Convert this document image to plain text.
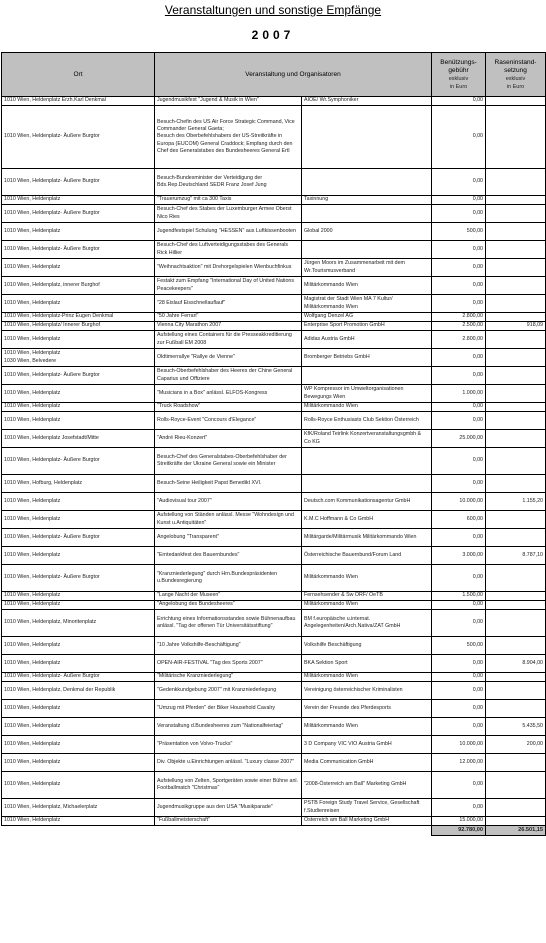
Veranstaltungen und sonstige Empfänge
2007
Ort	Veranstaltung und Organisatoren		Benützungs-gebühr
exklusiv
in Euro	Raseninstand-setzung
exklusiv
in Euro
1010 Wien, Heldenplatz Erzh.Karl Denkmal	Jugendmusikfest "Jugend & Musik in Wien"	AIOE/ Wr.Symphoniker	0,00	
1010 Wien, Heldenplatz- Äußere Burgtor	Besuch-Chefin des US Air Force Strategic Command, Vice Commander General Gaeta;
Besuch des Oberbefehlshabers der US-Streitkräfte in Europa (EUCOM) General Craddock; Empfang durch den Chef des Generalstabes des Bundesheeres General Ertl		0,00	
1010 Wien, Heldenplatz- Äußere Burgtor	Besuch-Bundesminister der Verteidigung der Bds.Rep.Deutschland SEDR Franz Josef Jung		0,00	
1010 Wien, Heldenplatz	"Trauerumzug" mit ca 300 Taxis	Taxinnung	0,00	
1010 Wien, Heldenplatz- Äußere Burgtor	Besuch-Chef des Stabes der Luxemburger Armee Oberst Nico Ries		0,00	
1010 Wien, Heldenplatz	Jugendfestspiel Schulung "HESSEN" aus Luftkissenbooten	Global 2000	500,00	
1010 Wien, Heldenplatz- Äußere Burgtor	Besuch-Chef des Luftverteidigungsstabes des Generals Rick Hillier		0,00	
1010 Wien, Heldenplatz	"Weihnachtsaktion" mit Drehorgelspielen Wienbuchfinkus	Jürgen Moors im Zusammenarbeit mit dem Wr.Tourismusverband	0,00	
1010 Wien, Heldenplatz, innerer Burghof	Festakt zum Empfang "International Day of United Nations Peacekeepers"	Militärkommando Wien	0,00	
1010 Wien, Heldenplatz	"28 Eislauf Eisschnellauflauf"	Magistrat der Stadt Wien MA 7 Kultur/ Militärkommando Wien	0,00	
1010 Wien, Heldenplatz-Prinz Eugen Denkmal	"50 Jahre Ferrari"	Wolfgang Denzel AG	2.800,00	
1010 Wien, Heldenplatz/ Innerer Burghof	Vienna City Marathon 2007	Enterprise Sport Promotion GmbH	2.500,00	918,09
1010 Wien, Heldenplatz	Aufstellung eines Containers für die Presseakkreditierung zur Fußball EM 2008	Adidas Austria GmbH	2.800,00	
1010 Wien, Heldenplatz
1030 Wien, Belvedere	Oldtimerrallye "Rallye de Vienne"	Bromberger Betriebs GmbH	0,00	
1010 Wien, Heldenplatz- Äußere Burgtor	Besuch-Oberbefehlshaber des Heeres der Chine General Caparius und Offiziere		0,00	
1010 Wien, Heldenplatz	"Musicians in a Box" anlässl. ELFOS-Kongress	WP Kompressor im Umweltorganisationen Bewegungs Wien	1.000,00	
1010 Wien, Heldenplatz	"Truck Roadshow"	Militärkommando Wien	0,00	
1010 Wien, Heldenplatz	Rolls-Royce-Event "Concours d'Elegance"	Rolls-Royce Enthusiasts Club Sektion Österreich	0,00	
1010 Wien, Heldenplatz Josefstadt/Mitte	"André Rieu-Konzert"	KfK/Roland Teirlink Konzertveranstaltungsgmbh & Co KG	25.000,00	
1010 Wien, Heldenplatz- Äußere Burgtor	Besuch-Chef des Generalstabes-Oberbefehlshaber der Streitkräfte der Ukraine General sowie ein Minister		0,00	
1010 Wien, Hofburg, Heldenplatz	Besuch-Seine Heiligkeit Papst Benedikt XVI.		0,00	
1010 Wien, Heldenplatz	"Audiovisual tour 2007"	Deutsch.com Kommunikationsagentur GmbH	10.000,00	1.155,20
1010 Wien, Heldenplatz	Aufstellung von Ständen anlässl. Messe "Wohndesign und Kunst u.Antiquitäten"	K.M.C Hoffmann & Co GmbH	600,00	
1010 Wien, Heldenplatz- Äußere Burgtor	Angelobung "Transparent"	Militärgarde/Militärmusik Militärkommando Wien	0,00	
1010 Wien, Heldenplatz	"Erntedankfest des Bauernbundes"	Österreichische Bauernbund/Forum Land	3.000,00	8.787,10
1010 Wien, Heldenplatz- Äußere Burgtor	"Kranzniederlegung" durch Hrn.Bundespräsidenten u.Bundesregierung	Militärkommando Wien	0,00	
1010 Wien, Heldenplatz	"Lange Nacht der Museen"	Fernsehsender & Sw ORF/ OeTB	1.500,00	
1010 Wien, Heldenplatz	"Angelobung des Bundesheeres"	Militärkommando Wien	0,00	
1010 Wien, Heldenplatz, Minoritenplatz	Errichtung eines Informationsstandes sowie Bühnenaufbau anlässl. "Tag der offenen Tür Universitätsstiftung"	BM f.europäische u.internat. Angelegenheiten/Arch.Nativa/ZAT GmbH	0,00	
1010 Wien, Heldenplatz	"10 Jahre Volkshilfe-Beschäftigung"	Volkshilfe Beschäftigung	500,00	
1010 Wien, Heldenplatz	OPEN-AIR-FESTIVAL "Tag des Sports 2007"	BKA Sektion Sport	0,00	8.904,00
1010 Wien, Heldenplatz- Äußere Burgtor	"Militärische Kranzniederlegung"	Militärkommando Wien	0,00	
1010 Wien, Heldenplatz, Denkmal der Republik	"Gedenkkundgebung 2007" mit Kranzniederlegung	Vereinigung österreichischer Kriminalisten	0,00	
1010 Wien, Heldenplatz	"Umzug mit Pferden" der Biker Household Cavalry	Verein der Freunde des Pferdesports	0,00	
1010 Wien, Heldenplatz	Veranstaltung d.Bundesheeres zum "Nationalfeiertag"	Militärkommando Wien	0,00	5.435,50
1010 Wien, Heldenplatz	"Präsentation von Volvo-Trucks"	3 D Company VIC VIO Austria GmbH	10.000,00	200,00
1010 Wien, Heldenplatz	Div. Objekte u.Einrichtungen anlässl. "Luxury classe 2007"	Media Communication GmbH	12.000,00	
1010 Wien, Heldenplatz	Aufstellung von Zelten, Sportgeräten sowie einer Bühne anl. Footballmatch "Christmas"	"2008-Österreich am Ball" Marketing GmbH	0,00	
1010 Wien, Heldenplatz, Michaelerplatz	Jugendmusikgruppe aus den USA "Musikparade"	PSTB Foreign Study Travel Service, Gesellschaft f.Studienreisen	0,00	
1010 Wien, Heldenplatz	"Fußballmeisterschaft"	Österreich am Ball Marketing GmbH	15.000,00	
			92.780,00	26.501,15
